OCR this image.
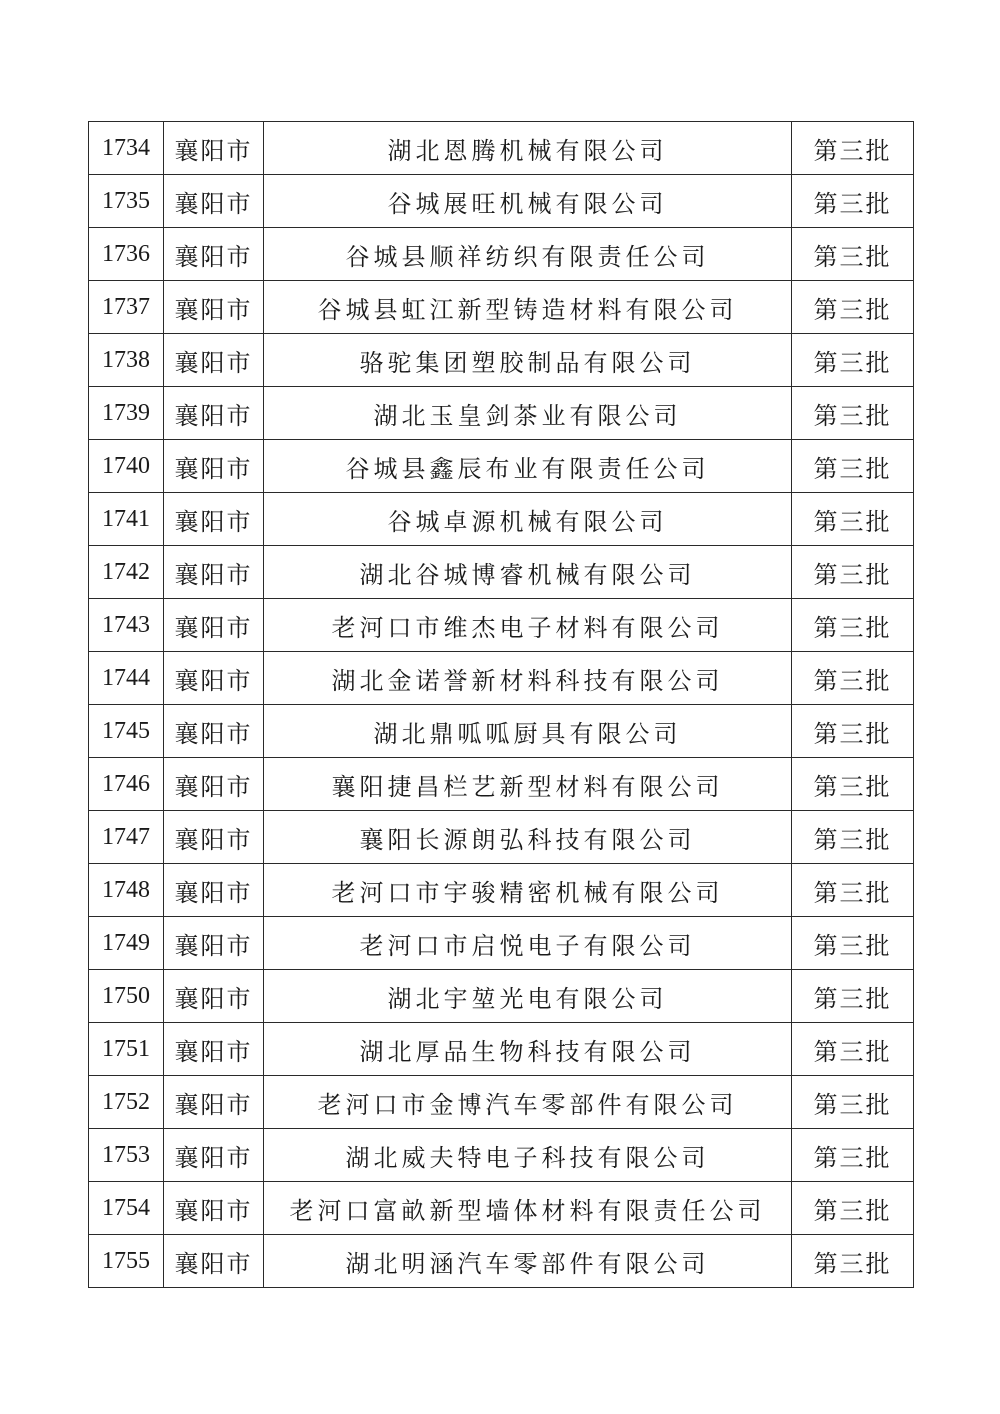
1734	襄阳市	湖北恩腾机械有限公司	第三批
1735	襄阳市	谷城展旺机械有限公司	第三批
1736	襄阳市	谷城县顺祥纺织有限责任公司	第三批
1737	襄阳市	谷城县虹江新型铸造材料有限公司	第三批
1738	襄阳市	骆驼集团塑胶制品有限公司	第三批
1739	襄阳市	湖北玉皇剑茶业有限公司	第三批
1740	襄阳市	谷城县鑫辰布业有限责任公司	第三批
1741	襄阳市	谷城卓源机械有限公司	第三批
1742	襄阳市	湖北谷城博睿机械有限公司	第三批
1743	襄阳市	老河口市维杰电子材料有限公司	第三批
1744	襄阳市	湖北金诺誉新材料科技有限公司	第三批
1745	襄阳市	湖北鼎呱呱厨具有限公司	第三批
1746	襄阳市	襄阳捷昌栏艺新型材料有限公司	第三批
1747	襄阳市	襄阳长源朗弘科技有限公司	第三批
1748	襄阳市	老河口市宇骏精密机械有限公司	第三批
1749	襄阳市	老河口市启悦电子有限公司	第三批
1750	襄阳市	湖北宇堃光电有限公司	第三批
1751	襄阳市	湖北厚品生物科技有限公司	第三批
1752	襄阳市	老河口市金博汽车零部件有限公司	第三批
1753	襄阳市	湖北威夫特电子科技有限公司	第三批
1754	襄阳市	老河口富畝新型墙体材料有限责任公司	第三批
1755	襄阳市	湖北明涵汽车零部件有限公司	第三批
